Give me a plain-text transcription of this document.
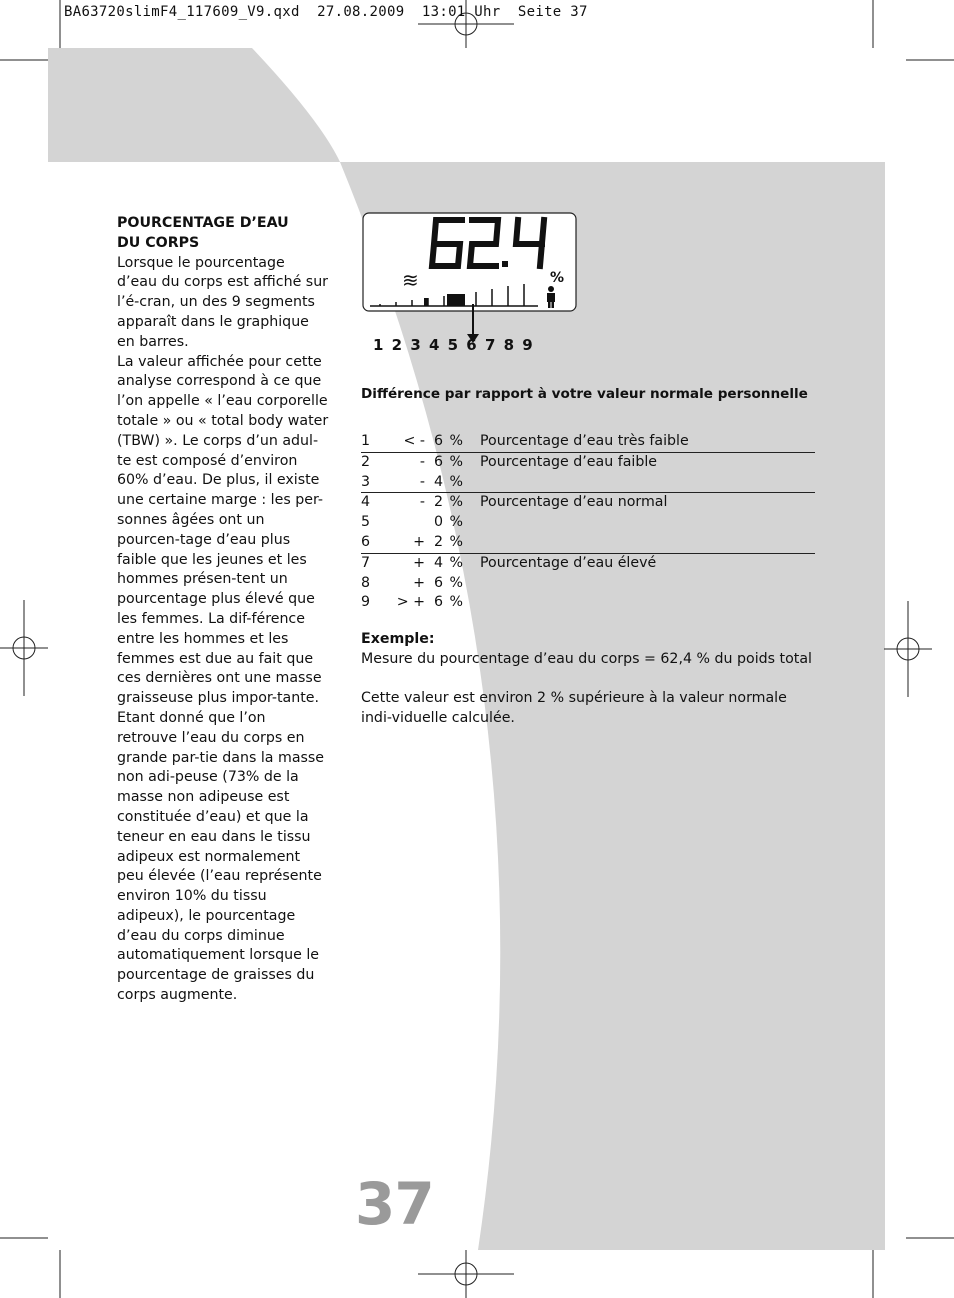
≋	%
BA63720slimF4_117609_V9.qxd  27.08.2009  13:01 Uhr  Seite 37
POURCENTAGE D’EAU
DU CORPS

Lorsque le pourcentage d’eau du corps est affiché sur l’é-cran, un des 9 segments apparaît dans le graphique en barres.

La valeur affichée pour cette analyse correspond à ce que l’on appelle « l’eau corporelle totale » ou « total body water (TBW) ». Le corps d’un adul-te est composé d’environ 60% d’eau. De plus, il existe une certaine marge : les per-sonnes âgées ont un pourcen-tage d’eau plus faible que les jeunes et les hommes présen-tent un pourcentage plus élevé que les femmes. La dif-férence entre les hommes et les femmes est due au fait que ces dernières ont une masse graisseuse plus impor-tante.

Etant donné que l’on retrouve l’eau du corps en grande par-tie dans la masse non adi-peuse (73% de la masse non adipeuse est constituée d’eau) et que la teneur en eau dans le tissu adipeux est normalement peu élevée (l’eau représente environ 10% du tissu adipeux), le pourcentage d’eau du corps diminue automatiquement lorsque le pourcentage de graisses du corps augmente.

1 2 3 4 5 6 7 8 9
Différence par rapport à votre valeur normale personnelle
1	< -	6	%	Pourcentage d’eau très faible
2	-	6	%	Pourcentage d’eau faible
3	-	4	%	
4	-	2	%	Pourcentage d’eau normal
5		0	%	
6	+	2	%	
7	+	4	%	Pourcentage d’eau élevé
8	+	6	%	
9	> +	6	%	

Exemple:

Mesure du pourcentage d’eau du corps = 62,4 % du poids total

Cette valeur est environ 2 % supérieure à la valeur normale indi-viduelle calculée.

37
